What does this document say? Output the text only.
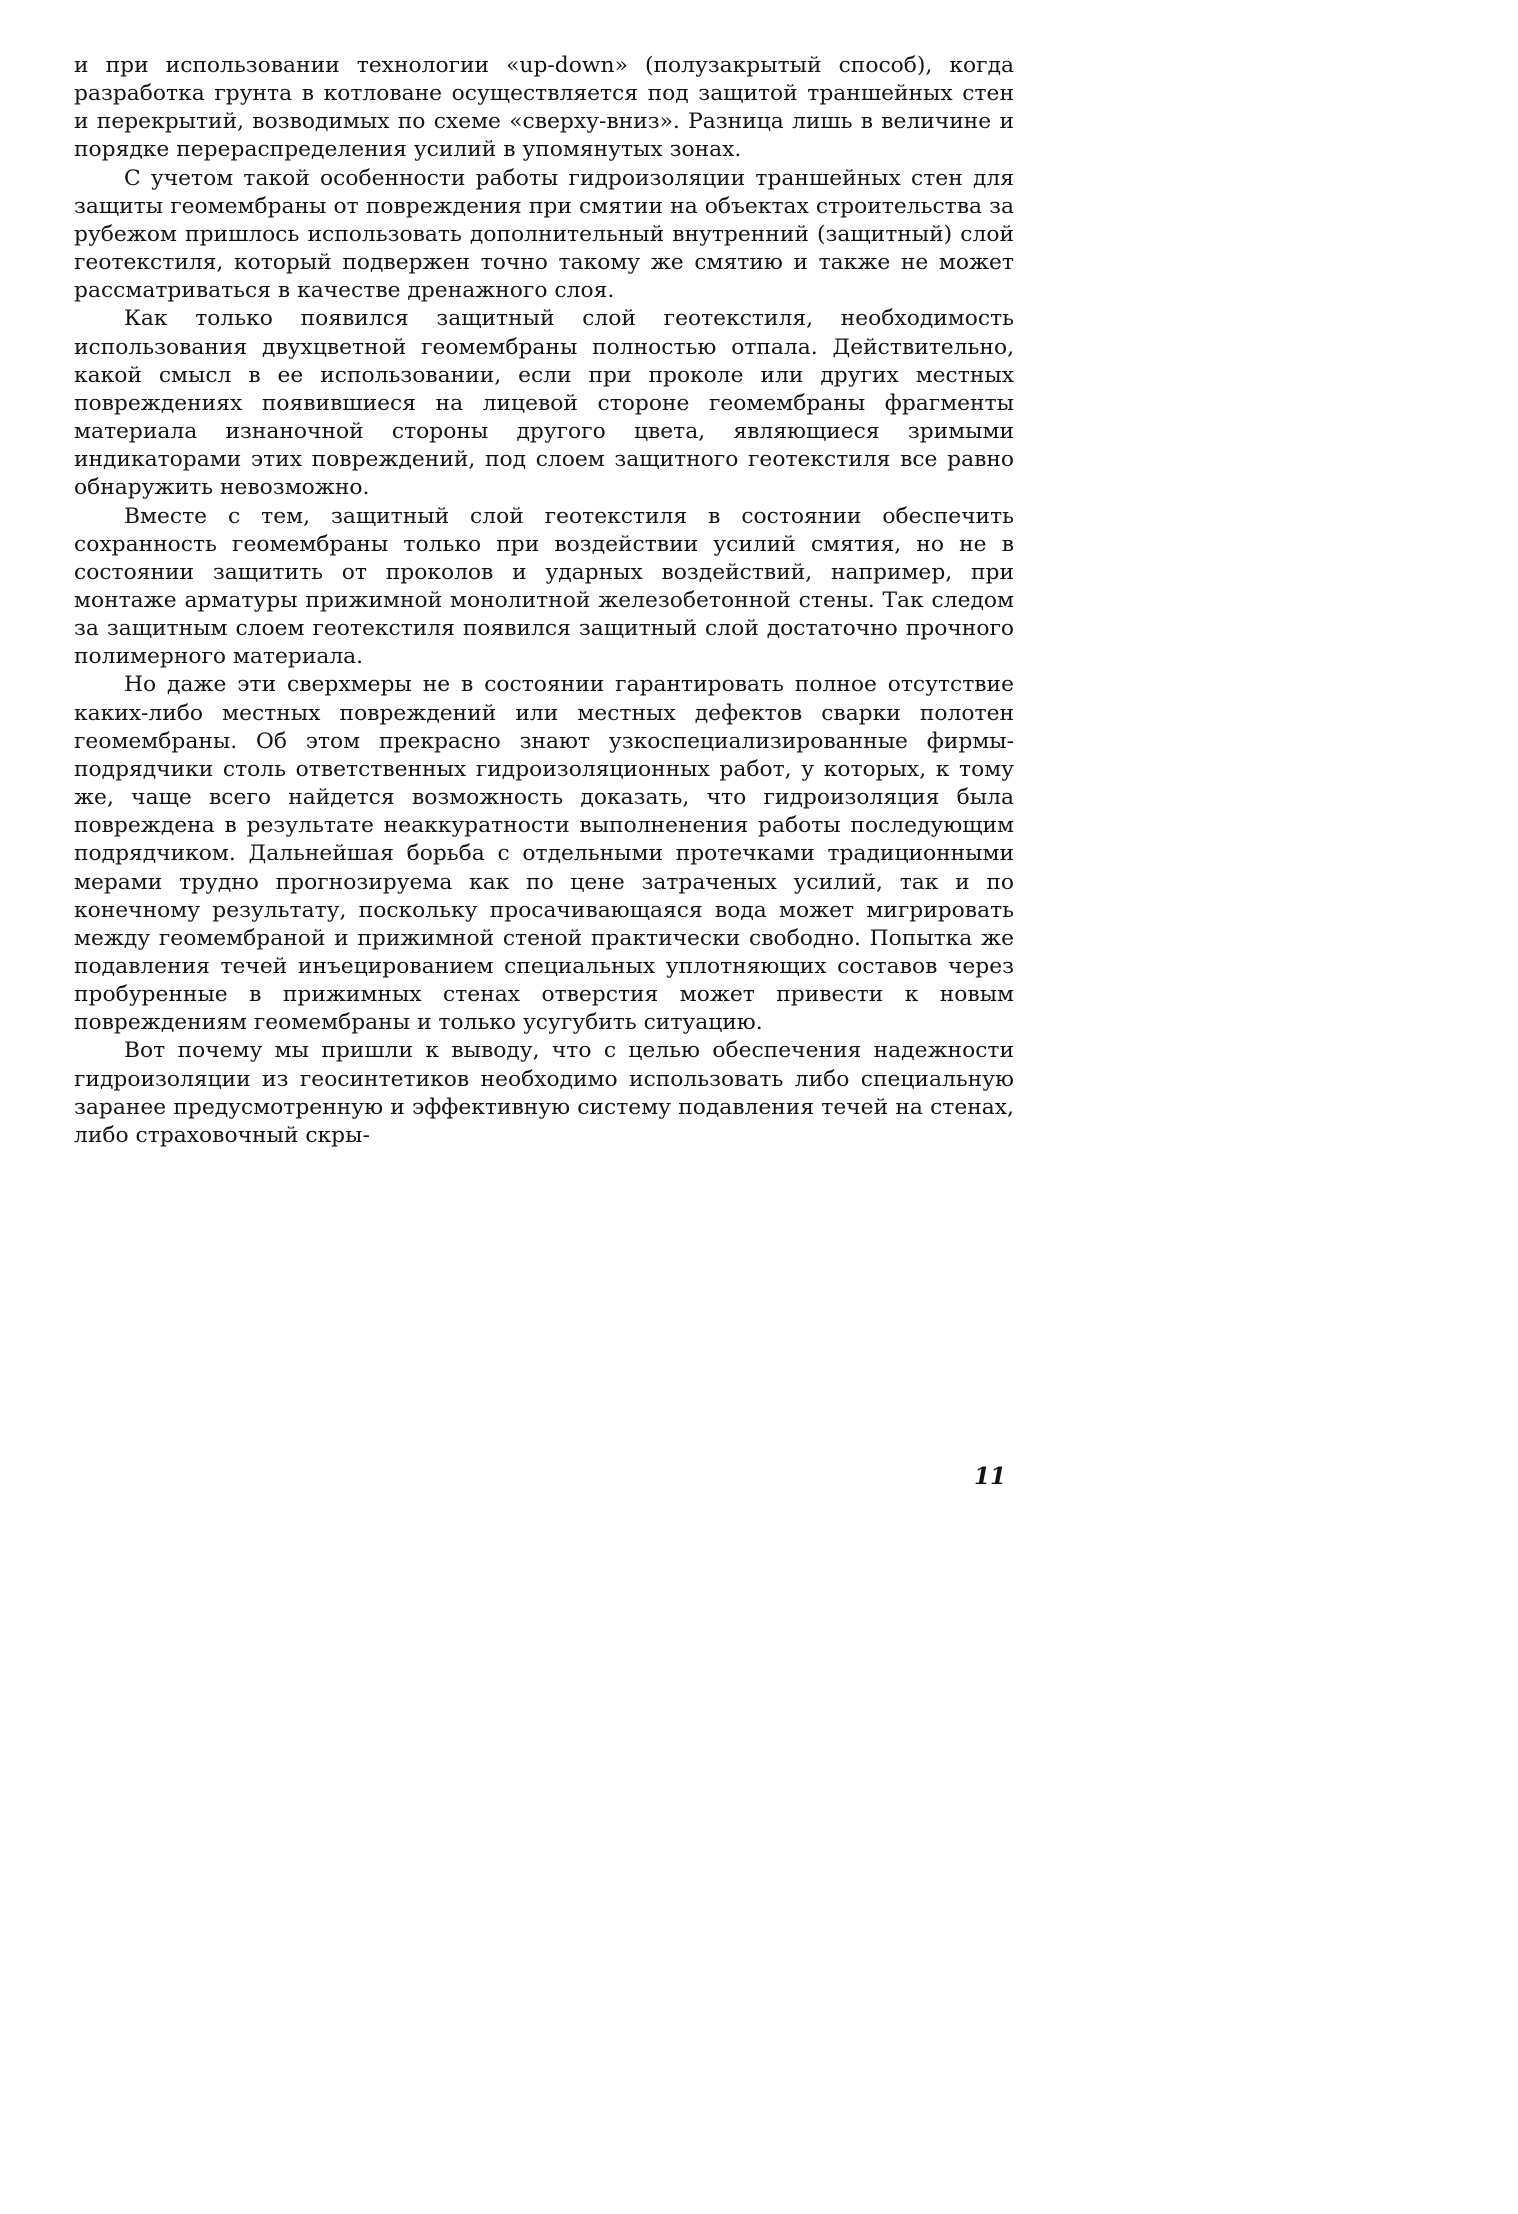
и при использовании технологии «up-down» (полузакрытый способ), когда разработка грунта в котловане осуществляется под защитой траншейных стен и перекрытий, возводимых по схеме «сверху-вниз». Разница лишь в величине и порядке перераспределения усилий в упомянутых зонах.

С учетом такой особенности работы гидроизоляции траншейных стен для защиты геомембраны от повреждения при смятии на объектах строительства за рубежом пришлось использовать дополнительный внутренний (защитный) слой геотекстиля, который подвержен точно такому же смятию и также не может рассматриваться в качестве дренажного слоя.

Как только появился защитный слой геотекстиля, необходимость использования двухцветной геомембраны полностью отпала. Действительно, какой смысл в ее использовании, если при проколе или других местных повреждениях появившиеся на лицевой стороне геомембраны фрагменты материала изнаночной стороны другого цвета, являющиеся зримыми индикаторами этих повреждений, под слоем защитного геотекстиля все равно обнаружить невозможно.

Вместе с тем, защитный слой геотекстиля в состоянии обеспечить сохранность геомембраны только при воздействии усилий смятия, но не в состоянии защитить от проколов и ударных воздействий, например, при монтаже арматуры прижимной монолитной железобетонной стены. Так следом за защитным слоем геотекстиля появился защитный слой достаточно прочного полимерного материала.

Но даже эти сверхмеры не в состоянии гарантировать полное отсутствие каких-либо местных повреждений или местных дефектов сварки полотен геомембраны. Об этом прекрасно знают узкоспециализированные фирмы-подрядчики столь ответственных гидроизоляционных работ, у которых, к тому же, чаще всего найдется возможность доказать, что гидроизоляция была повреждена в результате неаккуратности выполненения работы последующим подрядчиком. Дальнейшая борьба с отдельными протечками традиционными мерами трудно прогнозируема как по цене затраченых усилий, так и по конечному результату, поскольку просачивающаяся вода может мигрировать между геомембраной и прижимной стеной практически свободно. Попытка же подавления течей инъецированием специальных уплотняющих составов через пробуренные в прижимных стенах отверстия может привести к новым повреждениям геомембраны и только усугубить ситуацию.

Вот почему мы пришли к выводу, что с целью обеспечения надежности гидроизоляции из геосинтетиков необходимо использовать либо специальную заранее предусмотренную и эффективную систему подавления течей на стенах, либо страховочный скры-

11
